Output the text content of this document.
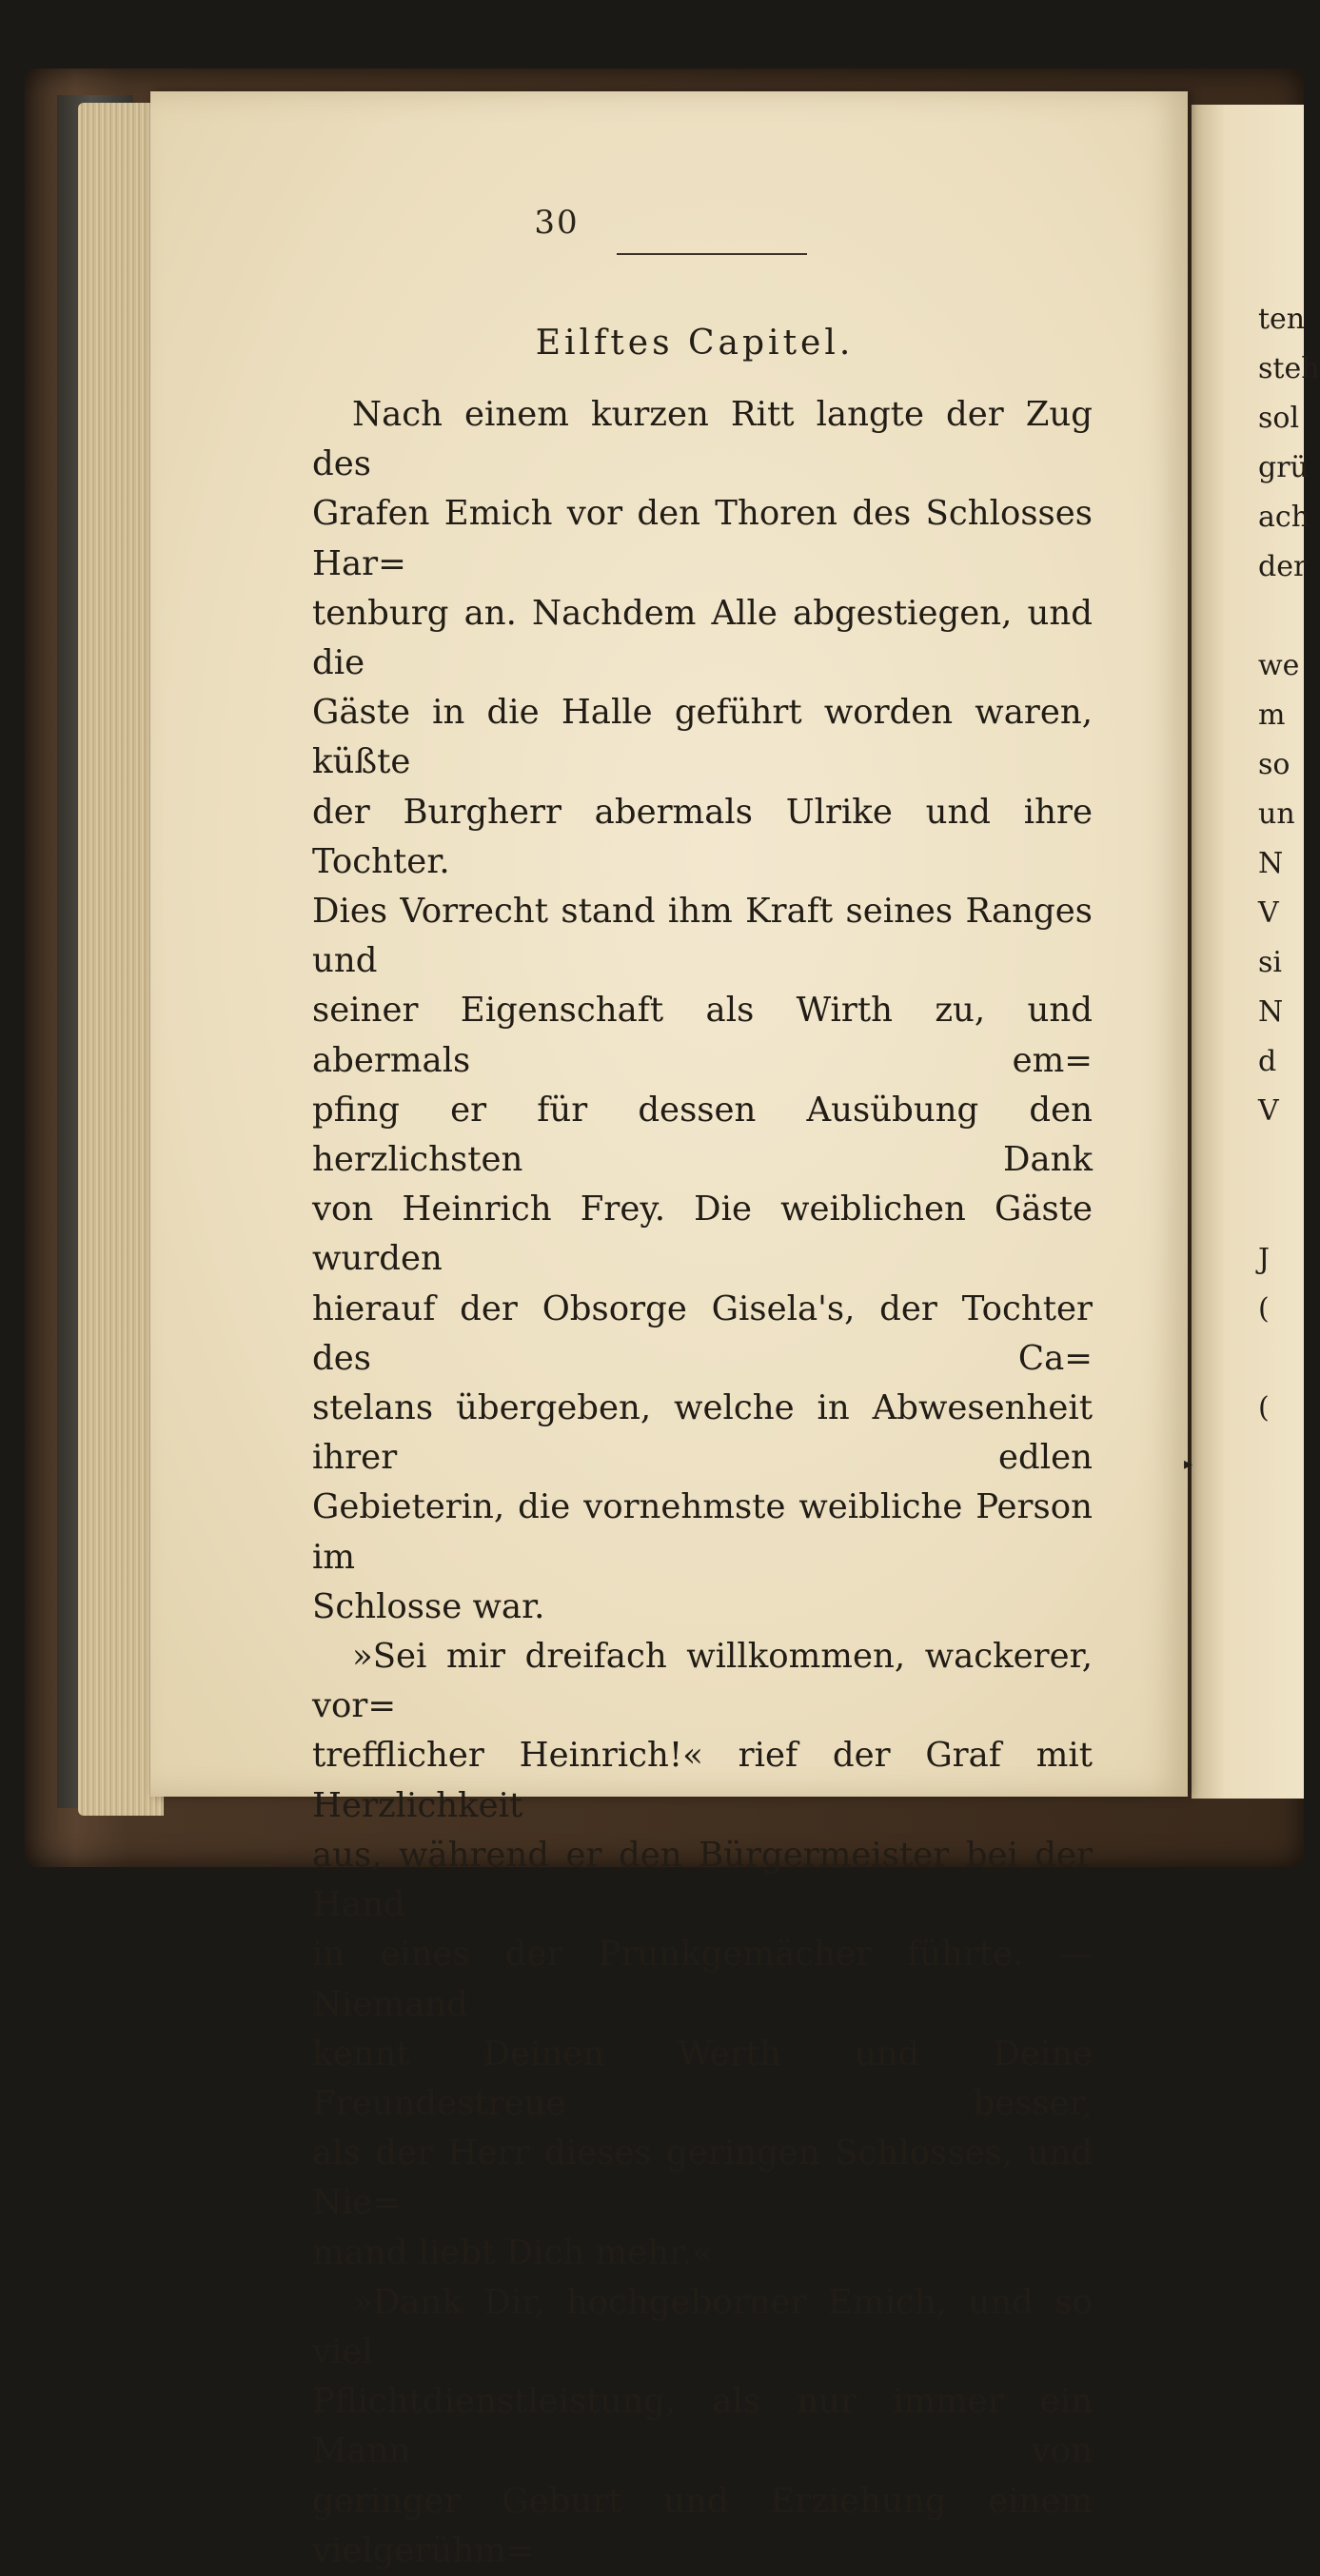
30
Eilftes Capitel.

Nach einem kurzen Ritt langte der Zug des

Grafen Emich vor den Thoren des Schlosses Har=

tenburg an. Nachdem Alle abgestiegen, und die

Gäste in die Halle geführt worden waren, küßte

der Burgherr abermals Ulrike und ihre Tochter.

Dies Vorrecht stand ihm Kraft seines Ranges und

seiner Eigenschaft als Wirth zu, und abermals em=

pfing er für dessen Ausübung den herzlichsten Dank

von Heinrich Frey. Die weiblichen Gäste wurden

hierauf der Obsorge Gisela's, der Tochter des Ca=

stelans übergeben, welche in Abwesenheit ihrer edlen

Gebieterin, die vornehmste weibliche Person im

Schlosse war.

»Sei mir dreifach willkommen, wackerer, vor=

trefflicher Heinrich!« rief der Graf mit Herzlichkeit

aus, während er den Bürgermeister bei der Hand

in eines der Prunkgemächer führte. — Niemand

kennt Deinen Werth und Deine Freundestreue besser,

als der Herr dieses geringen Schlosses, und Nie=

mand liebt Dich mehr.«

»Dank Dir, hochgeborner Emich, und so viel

Pflichtdienstleistung, als nur immer ein Mann von

geringer Geburt und Erziehung einem vielgerühm=

ten
steh
sol
grü
ach
der
we
m
so
un
N
V
si
N
d
V
J
(
(
▸
